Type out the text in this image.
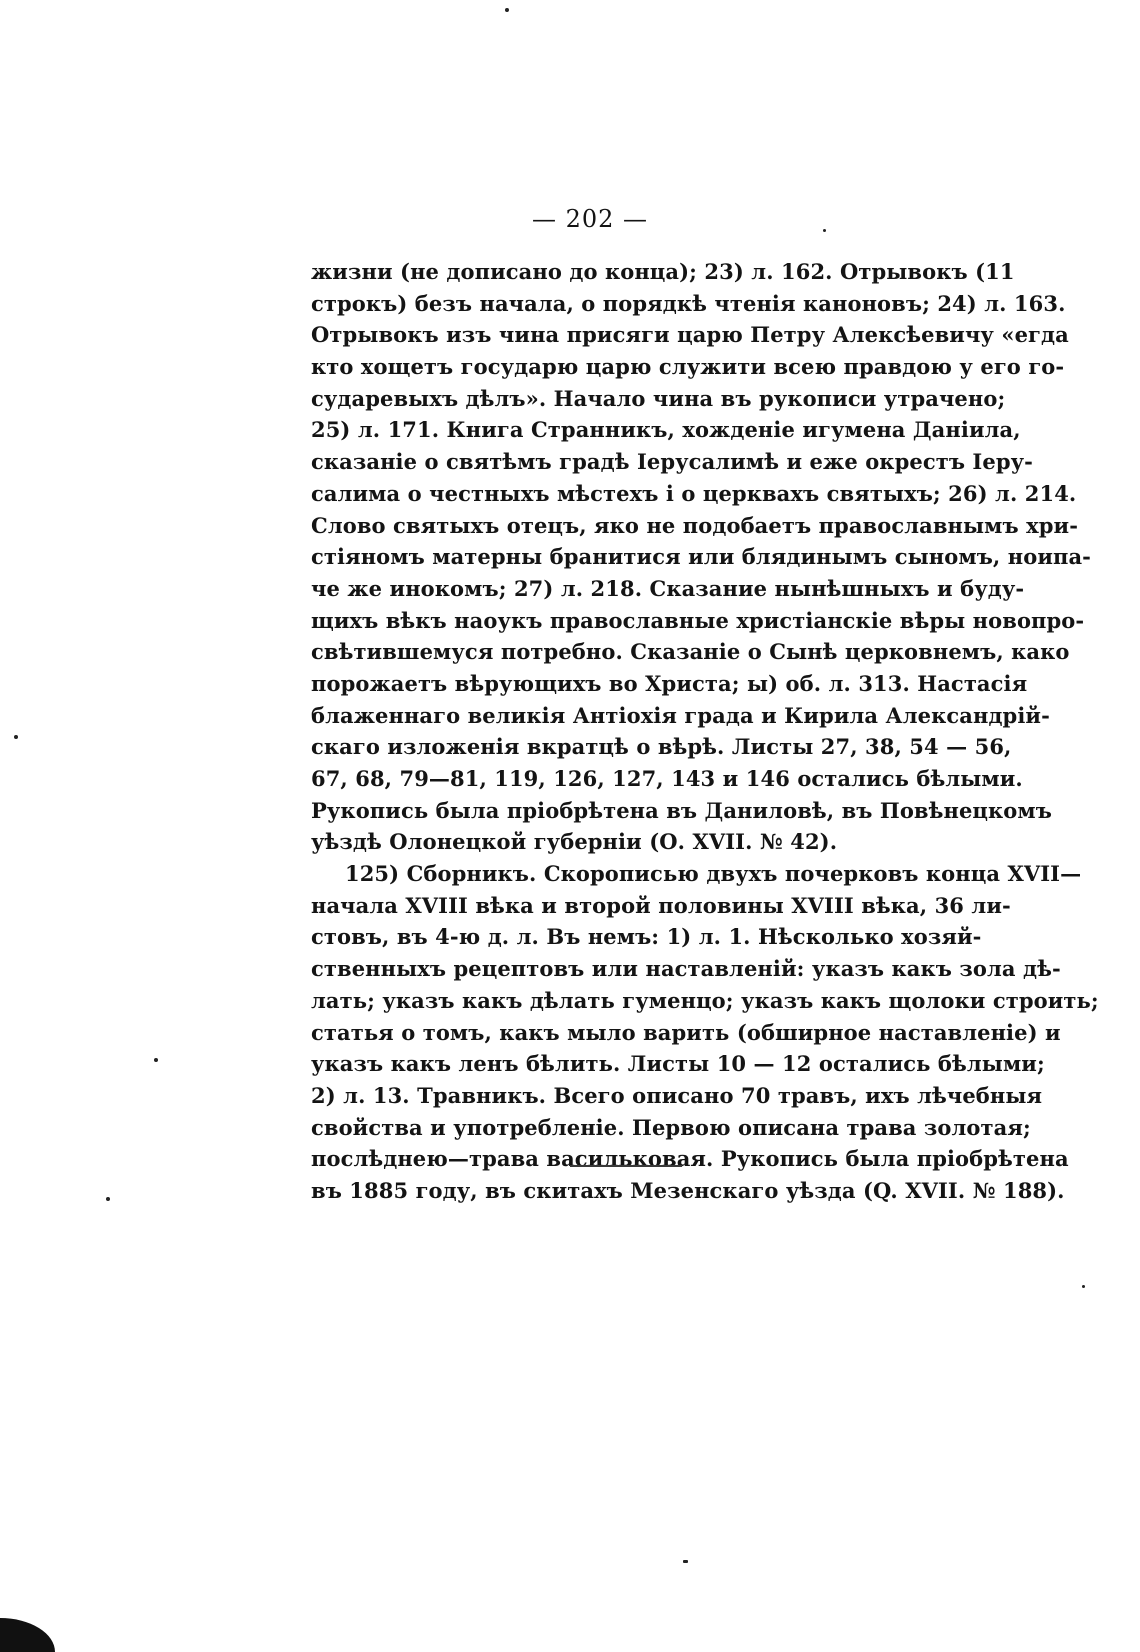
— 202 —
жизни (не дописано до конца); 23) л. 162. Отрывокъ (11
строкъ) безъ начала, о порядкѣ чтенія каноновъ; 24) л. 163.
Отрывокъ изъ чина присяги царю Петру Алексѣевичу «егда
кто хощетъ государю царю служити всею правдою у его го-
сударевыхъ дѣлъ». Начало чина въ рукописи утрачено;
25) л. 171. Книга Странникъ, хожденіе игумена Данiила,
сказаніе о святѣмъ градѣ Іерусалимѣ и еже окрестъ Іеру-
салима о честныхъ мѣстехъ і о церквахъ святыхъ; 26) л. 214.
Слово святыхъ отецъ, яко не подобаетъ православнымъ хри-
стіяномъ матерны бранитися или блядинымъ сыномъ, ноипа-
че же инокомъ; 27) л. 218. Сказание нынѣшныхъ и буду-
щихъ вѣкъ наоукъ православные христіанскіе вѣры новопро-
свѣтившемуся потребно. Сказаніе о Сынѣ церковнемъ, како
порожаетъ вѣрующихъ во Христа; ы) об. л. 313. Настасія
блаженнаго великія Антіохія града и Кирила Александрій-
скаго изложенія вкратцѣ о вѣрѣ. Листы 27, 38, 54 — 56,
67, 68, 79—81, 119, 126, 127, 143 и 146 остались бѣлыми.
Рукопись была пріобрѣтена въ Даниловѣ, въ Повѣнецкомъ
уѣздѣ Олонецкой губерніи (О. XVII. № 42).
125) Сборникъ. Скорописью двухъ почерковъ конца XVII—
начала XVIII вѣка и второй половины XVIII вѣка, 36 ли-
стовъ, въ 4-ю д. л. Въ немъ: 1) л. 1. Нѣсколько хозяй-
ственныхъ рецептовъ или наставленій: указъ какъ зола дѣ-
лать; указъ какъ дѣлать гуменцо; указъ какъ щолоки строить;
статья о томъ, какъ мыло варить (обширное наставленіе) и
указъ какъ ленъ бѣлить. Листы 10 — 12 остались бѣлыми;
2) л. 13. Травникъ. Всего описано 70 травъ, ихъ лѣчебныя
свойства и употребленіе. Первою описана трава золотая;
послѣднею—трава васильковая. Рукопись была пріобрѣтена
въ 1885 году, въ скитахъ Мезенскаго уѣзда (Q. XVII. № 188).
